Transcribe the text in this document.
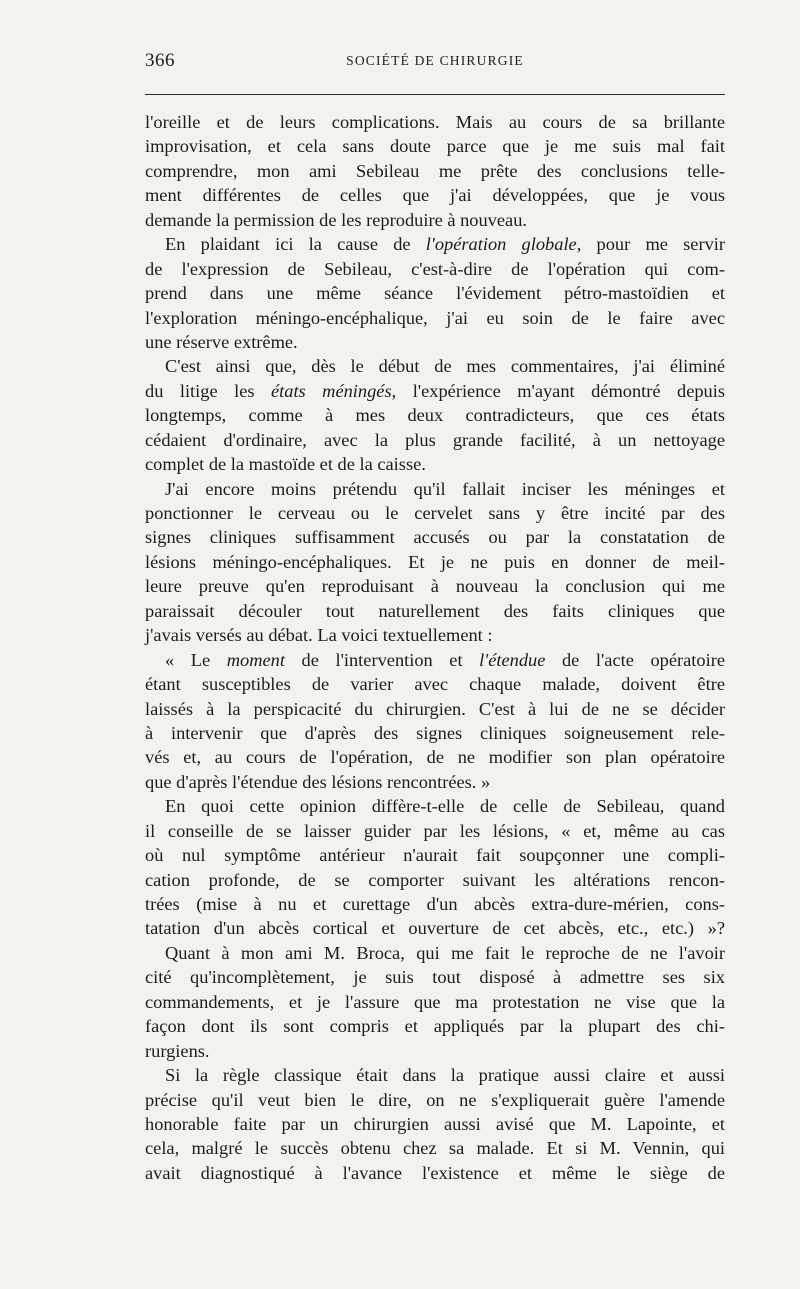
366	SOCIÉTÉ DE CHIRURGIE
l'oreille et de leurs complications. Mais au cours de sa brillante
improvisation, et cela sans doute parce que je me suis mal fait
comprendre, mon ami Sebileau me prête des conclusions telle-
ment différentes de celles que j'ai développées, que je vous
demande la permission de les reproduire à nouveau.
En plaidant ici la cause de l'opération globale, pour me servir
de l'expression de Sebileau, c'est-à-dire de l'opération qui com-
prend dans une même séance l'évidement pétro-mastoïdien et
l'exploration méningo-encéphalique, j'ai eu soin de le faire avec
une réserve extrême.
C'est ainsi que, dès le début de mes commentaires, j'ai éliminé
du litige les états méningés, l'expérience m'ayant démontré depuis
longtemps, comme à mes deux contradicteurs, que ces états
cédaient d'ordinaire, avec la plus grande facilité, à un nettoyage
complet de la mastoïde et de la caisse.
J'ai encore moins prétendu qu'il fallait inciser les méninges et
ponctionner le cerveau ou le cervelet sans y être incité par des
signes cliniques suffisamment accusés ou par la constatation de
lésions méningo-encéphaliques. Et je ne puis en donner de meil-
leure preuve qu'en reproduisant à nouveau la conclusion qui me
paraissait découler tout naturellement des faits cliniques que
j'avais versés au débat. La voici textuellement :
« Le moment de l'intervention et l'étendue de l'acte opératoire
étant susceptibles de varier avec chaque malade, doivent être
laissés à la perspicacité du chirurgien. C'est à lui de ne se décider
à intervenir que d'après des signes cliniques soigneusement rele-
vés et, au cours de l'opération, de ne modifier son plan opératoire
que d'après l'étendue des lésions rencontrées. »
En quoi cette opinion diffère-t-elle de celle de Sebileau, quand
il conseille de se laisser guider par les lésions, « et, même au cas
où nul symptôme antérieur n'aurait fait soupçonner une compli-
cation profonde, de se comporter suivant les altérations rencon-
trées (mise à nu et curettage d'un abcès extra-dure-mérien, cons-
tatation d'un abcès cortical et ouverture de cet abcès, etc., etc.) »?
Quant à mon ami M. Broca, qui me fait le reproche de ne l'avoir
cité qu'incomplètement, je suis tout disposé à admettre ses six
commandements, et je l'assure que ma protestation ne vise que la
façon dont ils sont compris et appliqués par la plupart des chi-
rurgiens.
Si la règle classique était dans la pratique aussi claire et aussi
précise qu'il veut bien le dire, on ne s'expliquerait guère l'amende
honorable faite par un chirurgien aussi avisé que M. Lapointe, et
cela, malgré le succès obtenu chez sa malade. Et si M. Vennin, qui
avait diagnostiqué à l'avance l'existence et même le siège de
